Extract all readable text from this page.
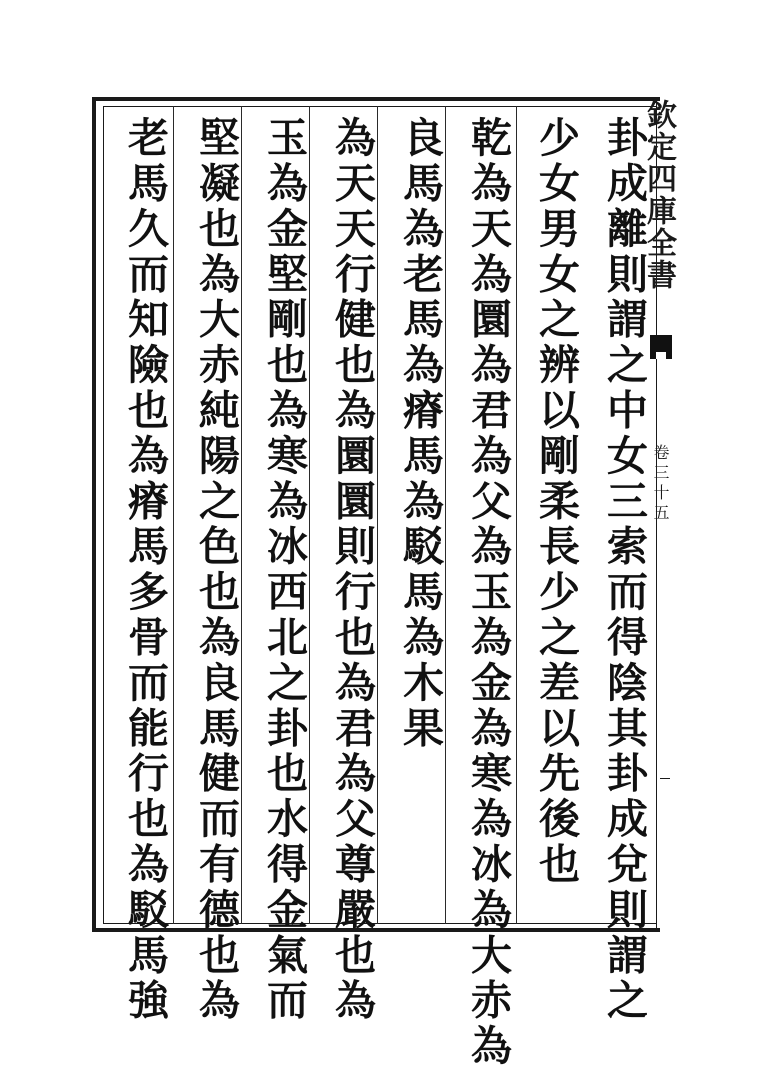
欽定四庫全書
卷三十五
卦成離則謂之中女三索而得陰其卦成兌則謂之
少女男女之辨以剛柔長少之差以先後也
乾為天為圜為君為父為玉為金為寒為冰為大赤為
良馬為老馬為瘠馬為駁馬為木果
為天天行健也為圜圜則行也為君為父尊嚴也為
玉為金堅剛也為寒為冰西北之卦也水得金氣而
堅凝也為大赤純陽之色也為良馬健而有德也為
老馬久而知險也為瘠馬多骨而能行也為駁馬強
